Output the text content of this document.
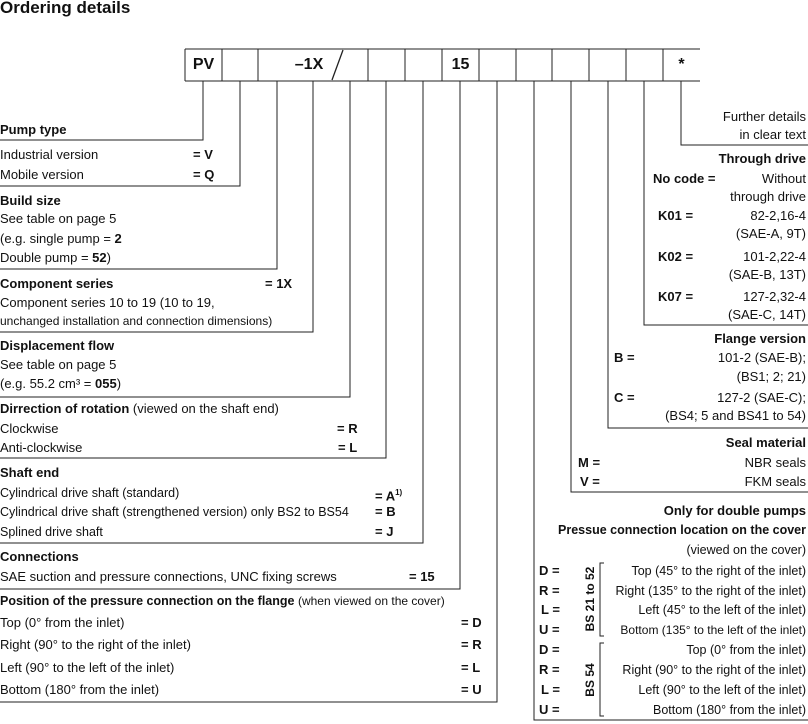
Ordering details
PV	–1X	15	*
Pump type
Industrial version	= V
Mobile version	= Q
Build size
See table on page 5
(e.g. single pump = 2
Double pump = 52)
Component series	= 1X
Component series 10 to 19 (10 to 19,
unchanged installation and connection dimensions)
Displacement flow
See table on page 5
(e.g. 55.2 cm³ = 055)
Dirrection of rotation (viewed on the shaft end)
Clockwise	= R
Anti-clockwise	= L
Shaft end
Cylindrical drive shaft (standard)	= $A^{1)}$
Cylindrical drive shaft (strengthened version) only BS2 to BS54 = B
Splined drive shaft	= J
Connections
SAE suction and pressure connections, UNC fixing screws	= 15
Position of the pressure connection on the flange (when viewed on the cover)
Top (0° from the inlet)	= D
Right (90° to the right of the inlet)	= R
Left (90° to the left of the inlet)	= L
Bottom (180° from the inlet)	= U
Further details
in clear text
Through drive
No code =	Without
through drive
K01 =	82-2,16-4
(SAE-A, 9T)
K02 =	101-2,22-4
(SAE-B, 13T)
K07 =	127-2,32-4
(SAE-C, 14T)
Flange version
B =	101-2 (SAE-B);
(BS1; 2; 21)
C =	127-2 (SAE-C);
(BS4; 5 and BS41 to 54)
Seal material
M =	NBR seals
V =	FKM seals
Only for double pumps
Pressue connection location on the cover
(viewed on the cover)
D =	Top (45° to the right of the inlet)
R =	Right (135° to the right of the inlet)
L =	Left (45° to the left of the inlet)
U =	Bottom (135° to the left of the inlet)
BS 21 to 52
D =	Top (0° from the inlet)
R =	Right (90° to the right of the inlet)
L =	Left (90° to the left of the inlet)
U =	Bottom (180° from the inlet)
BS 54
